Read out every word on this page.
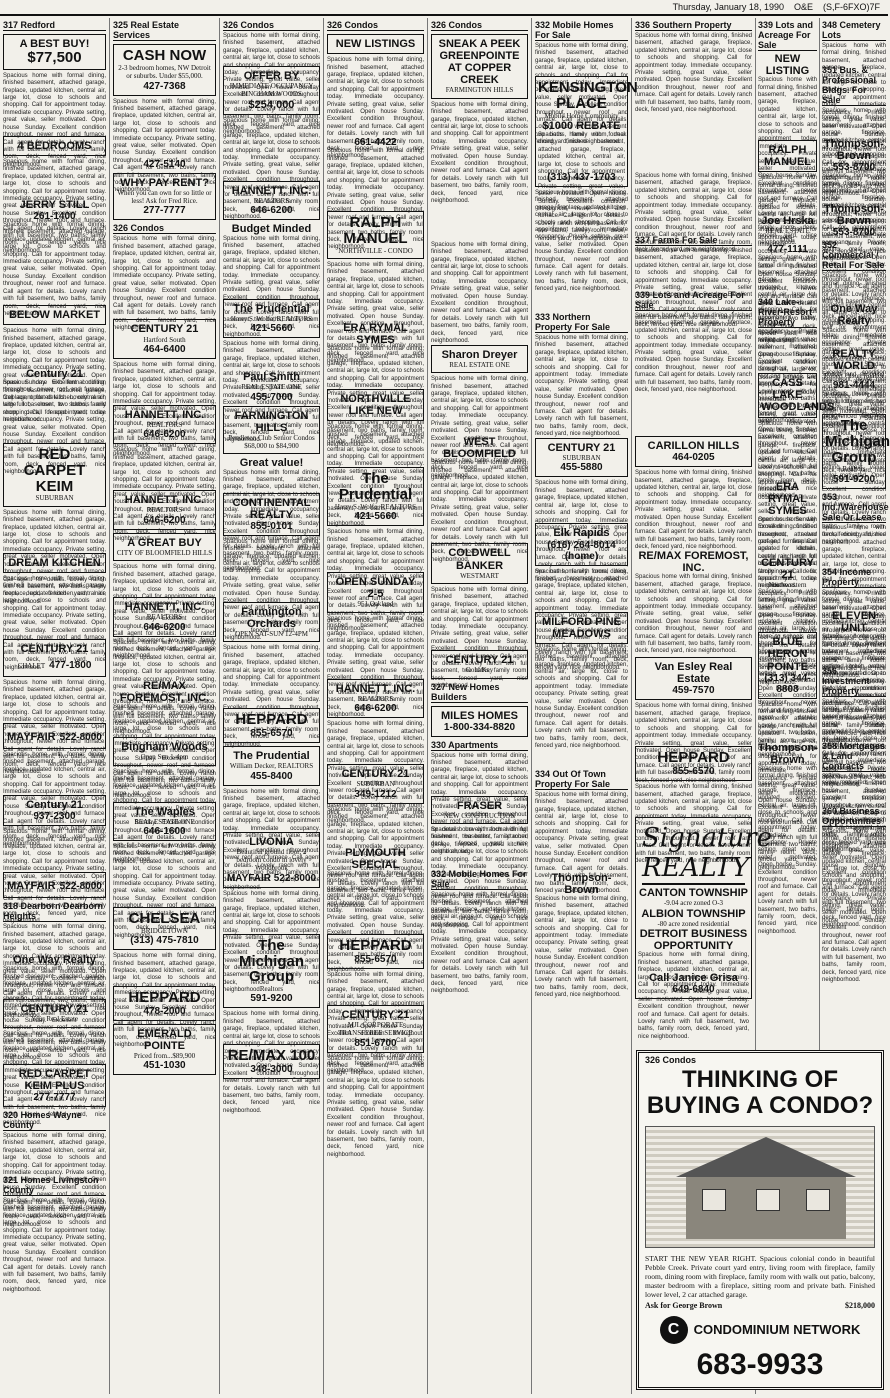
Thursday, January 18, 1990 O&E (S,F-6FXO)7F
317 Redford
A BEST BUY!
$77,500
Spacious home with formal dining, finished basement, attached garage, fireplace, updated kitchen, central air, large lot, close to schools and shopping. Call for appointment today. Immediate occupancy. Private setting, great value, seller motivated. Open house Sunday. Excellent condition throughout, newer roof and furnace. Call agent for details. Lovely ranch with full basement, two baths, family room, deck, fenced yard, nice neighborhood.
4 BEDROOMS
Spacious home with formal dining, finished basement, attached garage, fireplace, updated kitchen, central air, large lot, close to schools and shopping. Call for appointment today. Immediate occupancy. Private setting, great value, seller motivated. Open house Sunday. Excellent condition throughout, newer roof and furnace. Call agent for details. Lovely ranch with full basement, two baths, family room, deck, fenced yard, nice neighborhood.
JERRY STILL
261-1400
Spacious home with formal dining, finished basement, attached garage, fireplace, updated kitchen, central air, large lot, close to schools and shopping. Call for appointment today. Immediate occupancy. Private setting, great value, seller motivated. Open house Sunday. Excellent condition throughout, newer roof and furnace. Call agent for details. Lovely ranch with full basement, two baths, family room, deck, fenced yard, nice neighborhood.
BELOW MARKET
Spacious home with formal dining, finished basement, attached garage, fireplace, updated kitchen, central air, large lot, close to schools and shopping. Call for appointment today. Immediate occupancy. Private setting, great value, seller motivated. Open house Sunday. Excellent condition throughout, newer roof and furnace. Call agent for details. Lovely ranch with full basement, two baths, family room, deck, fenced yard, nice neighborhood.
Century 21
Spacious home with formal dining, finished basement, attached garage, fireplace, updated kitchen, central air, large lot, close to schools and shopping. Call for appointment today. Immediate occupancy. Private setting, great value, seller motivated. Open house Sunday. Excellent condition throughout, newer roof and furnace. Call agent for details. Lovely ranch with full basement, two baths, family room, deck, fenced yard, nice neighborhood.
RED CARPET KEIM
SUBURBAN
Spacious home with formal dining, finished basement, attached garage, fireplace, updated kitchen, central air, large lot, close to schools and shopping. Call for appointment today. Immediate occupancy. Private setting, great value, seller motivated. Open house Sunday. Excellent condition throughout, newer roof and furnace. Call agent for details. Lovely ranch with full basement, two baths, family room, deck, fenced yard, nice neighborhood.
DREAM KITCHEN
Spacious home with formal dining, finished basement, attached garage, fireplace, updated kitchen, central air, large lot, close to schools and shopping. Call for appointment today. Immediate occupancy. Private setting, great value, seller motivated. Open house Sunday. Excellent condition throughout, newer roof and furnace. Call agent for details. Lovely ranch with full basement, two baths, family room, deck, fenced yard, nice neighborhood.
CENTURY 21
CHALET 477-1800
Spacious home with formal dining, finished basement, attached garage, fireplace, updated kitchen, central air, large lot, close to schools and shopping. Call for appointment today. Immediate occupancy. Private setting, great value, seller motivated. Open house Sunday. Excellent condition throughout, newer roof and furnace. Call agent for details. Lovely ranch with full basement, two baths, family room, deck, fenced yard, nice neighborhood.
MAYFAIR 522-8000
Spacious home with formal dining, finished basement, attached garage, fireplace, updated kitchen, central air, large lot, close to schools and shopping. Call for appointment today. Immediate occupancy. Private setting, great value, seller motivated. Open house Sunday. Excellent condition throughout, newer roof and furnace. Call agent for details. Lovely ranch with full basement, two baths, family room, deck, fenced yard, nice neighborhood.
Century 21
937-2300
Spacious home with formal dining, finished basement, attached garage, fireplace, updated kitchen, central air, large lot, close to schools and shopping. Call for appointment today. Immediate occupancy. Private setting, great value, seller motivated. Open house Sunday. Excellent condition throughout, newer roof and furnace. Call agent for details. Lovely ranch with full basement, two baths, family room, deck, fenced yard, nice neighborhood.
MAYFAIR 522-8000
318 Dearborn Dearborn Heights
Spacious home with formal dining, finished basement, attached garage, fireplace, updated kitchen, central air, large lot, close to schools and shopping. Call for appointment today. Immediate occupancy. Private setting, great value, seller motivated. Open house Sunday. Excellent condition throughout, newer roof and furnace. Call agent for details. Lovely ranch with full basement, two baths, family room, deck, fenced yard, nice neighborhood.
One Way Realty
Spacious home with formal dining, finished basement, attached garage, fireplace, updated kitchen, central air, large lot, close to schools and shopping. Call for appointment today. Immediate occupancy. Private setting, great value, seller motivated. Open house Sunday. Excellent condition throughout, newer roof and furnace. Call agent for details. Lovely ranch with full basement, two baths, family room, deck, fenced yard, nice neighborhood.
CENTURY 21
Your Real Estate
Spacious home with formal dining, finished basement, attached garage, fireplace, updated kitchen, central air, large lot, close to schools and shopping. Call for appointment today. Immediate occupancy. Private setting, great value, seller motivated. Open house Sunday. Excellent condition throughout, newer roof and furnace. Call agent for details. Lovely ranch with full basement, two baths, family room, deck, fenced yard, nice neighborhood.
RED CARPET KEIM PLUS
277-7777
320 Homes Wayne County
Spacious home with formal dining, finished basement, attached garage, fireplace, updated kitchen, central air, large lot, close to schools and shopping. Call for appointment today. Immediate occupancy. Private setting, great value, seller motivated. Open house Sunday. Excellent condition throughout, newer roof and furnace. Call agent for details. Lovely ranch with full basement, two baths, family room, deck, fenced yard, nice neighborhood.
321 Homes Livingston County
Spacious home with formal dining, finished basement, attached garage, fireplace, updated kitchen, central air, large lot, close to schools and shopping. Call for appointment today. Immediate occupancy. Private setting, great value, seller motivated. Open house Sunday. Excellent condition throughout, newer roof and furnace. Call agent for details. Lovely ranch with full basement, two baths, family room, deck, fenced yard, nice neighborhood.
325 Real Estate Services
CASH NOW
2-3 bedroom homes, NW Detroit or suburbs. Under $55,000.
427-7368
Spacious home with formal dining, finished basement, attached garage, fireplace, updated kitchen, central air, large lot, close to schools and shopping. Call for appointment today. Immediate occupancy. Private setting, great value, seller motivated. Open house Sunday. Excellent condition throughout, newer roof and furnace. Call agent for details. Lovely ranch with full basement, two baths, family room, deck, fenced yard, nice neighborhood.
427-5140
WHY PAY RENT?
When you can own for so little or less! Ask for Fred Rice.
277-7777
326 Condos
Spacious home with formal dining, finished basement, attached garage, fireplace, updated kitchen, central air, large lot, close to schools and shopping. Call for appointment today. Immediate occupancy. Private setting, great value, seller motivated. Open house Sunday. Excellent condition throughout, newer roof and furnace. Call agent for details. Lovely ranch with full basement, two baths, family room, deck, fenced yard, nice neighborhood.
CENTURY 21
Hartford South
464-6400
Spacious home with formal dining, finished basement, attached garage, fireplace, updated kitchen, central air, large lot, close to schools and shopping. Call for appointment today. Immediate occupancy. Private setting, great value, seller motivated. Open house Sunday. Excellent condition throughout, newer roof and furnace. Call agent for details. Lovely ranch with full basement, two baths, family room, deck, fenced yard, nice neighborhood.
HANNETT, INC.
REALTORS
646-6200
Spacious home with formal dining, finished basement, attached garage, fireplace, updated kitchen, central air, large lot, close to schools and shopping. Call for appointment today. Immediate occupancy. Private setting, great value, seller motivated. Open house Sunday. Excellent condition throughout, newer roof and furnace. Call agent for details. Lovely ranch with full basement, two baths, family room, deck, fenced yard, nice neighborhood.
HANNETT, INC.
REALTORS
646-6200
A GREAT BUY
CITY OF BLOOMFIELD HILLS
Spacious home with formal dining, finished basement, attached garage, fireplace, updated kitchen, central air, large lot, close to schools and shopping. Call for appointment today. Immediate occupancy. Private setting, great value, seller motivated. Open house Sunday. Excellent condition throughout, newer roof and furnace. Call agent for details. Lovely ranch with full basement, two baths, family room, deck, fenced yard, nice neighborhood.
HANNETT, INC.
REALTORS
646-6200
Spacious home with formal dining, finished basement, attached garage, fireplace, updated kitchen, central air, large lot, close to schools and shopping. Call for appointment today. Immediate occupancy. Private setting, great value, seller motivated. Open house Sunday. Excellent condition throughout, newer roof and furnace. Call agent for details. Lovely ranch with full basement, two baths, family room, deck, fenced yard, nice neighborhood.
RE/MAX FOREMOST, INC.
Spacious home with formal dining, finished basement, attached garage, fireplace, updated kitchen, central air, large lot, close to schools and shopping. Call for appointment today. Immediate occupancy. Private setting, great value, seller motivated. Open house Sunday. Excellent condition throughout, newer roof and furnace. Call agent for details. Lovely ranch with full basement, two baths, family room, deck, fenced yard, nice neighborhood.
Bingham Woods
Open Sun 1-4pm
Spacious home with formal dining, finished basement, attached garage, fireplace, updated kitchen, central air, large lot, close to schools and shopping. Call for appointment today. Immediate occupancy. Private setting, great value, seller motivated. Open house Sunday. Excellent condition throughout, newer roof and furnace. Call agent for details. Lovely ranch with full basement, two baths, family room, deck, fenced yard, nice neighborhood.
The Waples
REAL ESTATE ONE
646-1600
Spacious home with formal dining, finished basement, attached garage, fireplace, updated kitchen, central air, large lot, close to schools and shopping. Call for appointment today. Immediate occupancy. Private setting, great value, seller motivated. Open house Sunday. Excellent condition throughout, newer roof and furnace. Call agent for details. Lovely ranch with full basement, two baths, family room, deck, fenced yard, nice neighborhood.
CHELSEA
BRIDGETOWN
(313) 475-7810
Spacious home with formal dining, finished basement, attached garage, fireplace, updated kitchen, central air, large lot, close to schools and shopping. Call for appointment today. Immediate occupancy. Private setting, great value, seller motivated. Open house Sunday. Excellent condition throughout, newer roof and furnace. Call agent for details. Lovely ranch with full basement, two baths, family room, deck, fenced yard, nice neighborhood.
HEPPARD
478-2000
EMERALD POINTE
Priced from...$89,900
451-1030
326 Condos
Spacious home with formal dining, finished basement, attached garage, fireplace, updated kitchen, central air, large lot, close to schools and shopping. Call for appointment today. Immediate occupancy. Private setting, great value, seller motivated. Open house Sunday. Excellent condition throughout, newer roof and furnace. Call agent for details. Lovely ranch with full basement, two baths, family room, deck, fenced yard, nice neighborhood.
OFFER BY
IMMEDIATE OCCUPANCY BINGHAM WOODS
$254,000
Spacious home with formal dining, finished basement, attached garage, fireplace, updated kitchen, central air, large lot, close to schools and shopping. Call for appointment today. Immediate occupancy. Private setting, great value, seller motivated. Open house Sunday. Excellent condition throughout, newer roof and furnace. Call agent for details. Lovely ranch with full basement, two baths, family room, deck, fenced yard, nice neighborhood.
HANNETT, INC.
REALTORS
646-6200
Budget Minded
Spacious home with formal dining, finished basement, attached garage, fireplace, updated kitchen, central air, large lot, close to schools and shopping. Call for appointment today. Immediate occupancy. Private setting, great value, seller motivated. Open house Sunday. Excellent condition throughout, newer roof and furnace. Call agent for details. Lovely ranch with full basement, two baths, family room, deck, fenced yard, nice neighborhood.
The Prudential
Harry S. Wolfe, REALTORS
421-5660
Spacious home with formal dining, finished basement, attached garage, fireplace, updated kitchen, central air, large lot, close to schools and shopping. Call for appointment today. Immediate occupancy. Private setting, great value, seller motivated. Open house Sunday. Excellent condition throughout, newer roof and furnace. Call agent for details. Lovely ranch with full basement, two baths, family room, deck, fenced yard, nice neighborhood.
Paul Smith
REAL ESTATE ONE
455-7000
FARMINGTON HILLS
Pendleton Club Senior Condos
$68,000 to $84,900
Great value!
Spacious home with formal dining, finished basement, attached garage, fireplace, updated kitchen, central air, large lot, close to schools and shopping. Call for appointment today. Immediate occupancy. Private setting, great value, seller motivated. Open house Sunday. Excellent condition throughout, newer roof and furnace. Call agent for details. Lovely ranch with full basement, two baths, family room, deck, fenced yard, nice neighborhood.
CONTINENTAL REALTY
855-0101
Spacious home with formal dining, finished basement, attached garage, fireplace, updated kitchen, central air, large lot, close to schools and shopping. Call for appointment today. Immediate occupancy. Private setting, great value, seller motivated. Open house Sunday. Excellent condition throughout, newer roof and furnace. Call agent for details. Lovely ranch with full basement, two baths, family room, deck, fenced yard, nice neighborhood.
Farmington Orchards
OPEN SAT-SUN 12-4PM
Spacious home with formal dining, finished basement, attached garage, fireplace, updated kitchen, central air, large lot, close to schools and shopping. Call for appointment today. Immediate occupancy. Private setting, great value, seller motivated. Open house Sunday. Excellent condition throughout, newer roof and furnace. Call agent for details. Lovely ranch with full basement, two baths, family room, deck, fenced yard, nice neighborhood.
HEPPARD
855-6570
The Prudential
William Decker, REALTORS
455-8400
Spacious home with formal dining, finished basement, attached garage, fireplace, updated kitchen, central air, large lot, close to schools and shopping. Call for appointment today. Immediate occupancy. Private setting, great value, seller motivated. Open house Sunday. Excellent condition throughout, newer roof and furnace. Call agent for details. Lovely ranch with full basement, two baths, family room, deck, fenced yard, nice neighborhood.
LIVONIA
Beautiful ground floor, 2 bedroom condo in lovely Woodbrook
MAYFAIR 522-8000
Spacious home with formal dining, finished basement, attached garage, fireplace, updated kitchen, central air, large lot, close to schools and shopping. Call for appointment today. Immediate occupancy. Private setting, great value, seller motivated. Open house Sunday. Excellent condition throughout, newer roof and furnace. Call agent for details. Lovely ranch with full basement, two baths, family room, deck, fenced yard, nice neighborhood.
The Michigan Group
Realtors
591-9200
Spacious home with formal dining, finished basement, attached garage, fireplace, updated kitchen, central air, large lot, close to schools and shopping. Call for appointment today. Immediate occupancy. Private setting, great value, seller motivated. Open house Sunday. Excellent condition throughout, newer roof and furnace. Call agent for details. Lovely ranch with full basement, two baths, family room, deck, fenced yard, nice neighborhood.
RE/MAX 100
348-3000
326 Condos
NEW LISTINGS
Spacious home with formal dining, finished basement, attached garage, fireplace, updated kitchen, central air, large lot, close to schools and shopping. Call for appointment today. Immediate occupancy. Private setting, great value, seller motivated. Open house Sunday. Excellent condition throughout, newer roof and furnace. Call agent for details. Lovely ranch with full basement, two baths, family room, deck, fenced yard, nice neighborhood.
661-4422
Spacious home with formal dining, finished basement, attached garage, fireplace, updated kitchen, central air, large lot, close to schools and shopping. Call for appointment today. Immediate occupancy. Private setting, great value, seller motivated. Open house Sunday. Excellent condition throughout, newer roof and furnace. Call agent for details. Lovely ranch with full basement, two baths, family room, deck, fenced yard, nice neighborhood.
RALPH MANUEL
NORTHVILLE - CONDO
Spacious home with formal dining, finished basement, attached garage, fireplace, updated kitchen, central air, large lot, close to schools and shopping. Call for appointment today. Immediate occupancy. Private setting, great value, seller motivated. Open house Sunday. Excellent condition throughout, newer roof and furnace. Call agent for details. Lovely ranch with full basement, two baths, family room, deck, fenced yard, nice neighborhood.
ERA RYMAL SYMES
Spacious home with formal dining, finished basement, attached garage, fireplace, updated kitchen, central air, large lot, close to schools and shopping. Call for appointment today. Immediate occupancy. Private setting, great value, seller motivated. Open house Sunday. Excellent condition throughout, newer roof and furnace. Call agent for details. Lovely ranch with full basement, two baths, family room, deck, fenced yard, nice neighborhood.
NORTHVILLE LIKE NEW
Spacious home with formal dining, finished basement, attached garage, fireplace, updated kitchen, central air, large lot, close to schools and shopping. Call for appointment today. Immediate occupancy. Private setting, great value, seller motivated. Open house Sunday. Excellent condition throughout, newer roof and furnace. Call agent for details. Lovely ranch with full basement, two baths, family room, deck, fenced yard, nice neighborhood.
The Prudential
Harry S. Wolfe, REALTORS
421-5660
Spacious home with formal dining, finished basement, attached garage, fireplace, updated kitchen, central air, large lot, close to schools and shopping. Call for appointment today. Immediate occupancy. Private setting, great value, seller motivated. Open house Sunday. Excellent condition throughout, newer roof and furnace. Call agent for details. Lovely ranch with full basement, two baths, family room, deck, fenced yard, nice neighborhood.
OPEN SUNDAY 2-5
951 Oakland
Spacious home with formal dining, finished basement, attached garage, fireplace, updated kitchen, central air, large lot, close to schools and shopping. Call for appointment today. Immediate occupancy. Private setting, great value, seller motivated. Open house Sunday. Excellent condition throughout, newer roof and furnace. Call agent for details. Lovely ranch with full basement, two baths, family room, deck, fenced yard, nice neighborhood.
HANNETT, INC.
REALTORS
646-6200
Spacious home with formal dining, finished basement, attached garage, fireplace, updated kitchen, central air, large lot, close to schools and shopping. Call for appointment today. Immediate occupancy. Private setting, great value, seller motivated. Open house Sunday. Excellent condition throughout, newer roof and furnace. Call agent for details. Lovely ranch with full basement, two baths, family room, deck, fenced yard, nice neighborhood.
CENTURY 21
SUBURBAN
349-1212
Spacious home with formal dining, finished basement, attached garage, fireplace, updated kitchen, central air, large lot, close to schools and shopping. Call for appointment today. Immediate occupancy. Private setting, great value, seller motivated. Open house Sunday. Excellent condition throughout, newer roof and furnace. Call agent for details. Lovely ranch with full basement, two baths, family room, deck, fenced yard, nice neighborhood.
PLYMOUTH SPECIAL
Spacious home with formal dining, finished basement, attached garage, fireplace, updated kitchen, central air, large lot, close to schools and shopping. Call for appointment today. Immediate occupancy. Private setting, great value, seller motivated. Open house Sunday. Excellent condition throughout, newer roof and furnace. Call agent for details. Lovely ranch with full basement, two baths, family room, deck, fenced yard, nice neighborhood.
HEPPARD
855-6570
Spacious home with formal dining, finished basement, attached garage, fireplace, updated kitchen, central air, large lot, close to schools and shopping. Call for appointment today. Immediate occupancy. Private setting, great value, seller motivated. Open house Sunday. Excellent condition throughout, newer roof and furnace. Call agent for details. Lovely ranch with full basement, two baths, family room, deck, fenced yard, nice neighborhood.
CENTURY 21
MJL CORPORATE TRANSFEREE SERVICE
851-6700
Spacious home with formal dining, finished basement, attached garage, fireplace, updated kitchen, central air, large lot, close to schools and shopping. Call for appointment today. Immediate occupancy. Private setting, great value, seller motivated. Open house Sunday. Excellent condition throughout, newer roof and furnace. Call agent for details. Lovely ranch with full basement, two baths, family room, deck, fenced yard, nice neighborhood.
326 Condos
SNEAK A PEEK GREENPOINTE AT COPPER CREEK
FARMINGTON HILLS
Spacious home with formal dining, finished basement, attached garage, fireplace, updated kitchen, central air, large lot, close to schools and shopping. Call for appointment today. Immediate occupancy. Private setting, great value, seller motivated. Open house Sunday. Excellent condition throughout, newer roof and furnace. Call agent for details. Lovely ranch with full basement, two baths, family room, deck, fenced yard, nice neighborhood.
Spacious home with formal dining, finished basement, attached garage, fireplace, updated kitchen, central air, large lot, close to schools and shopping. Call for appointment today. Immediate occupancy. Private setting, great value, seller motivated. Open house Sunday. Excellent condition throughout, newer roof and furnace. Call agent for details. Lovely ranch with full basement, two baths, family room, deck, fenced yard, nice neighborhood.
Sharon Dreyer
REAL ESTATE ONE
Spacious home with formal dining, finished basement, attached garage, fireplace, updated kitchen, central air, large lot, close to schools and shopping. Call for appointment today. Immediate occupancy. Private setting, great value, seller motivated. Open house Sunday. Excellent condition throughout, newer roof and furnace. Call agent for details. Lovely ranch with full basement, two baths, family room, deck, fenced yard, nice neighborhood.
WEST BLOOMFIELD
Spacious home with formal dining, finished basement, attached garage, fireplace, updated kitchen, central air, large lot, close to schools and shopping. Call for appointment today. Immediate occupancy. Private setting, great value, seller motivated. Open house Sunday. Excellent condition throughout, newer roof and furnace. Call agent for details. Lovely ranch with full basement, two baths, family room, deck, fenced yard, nice neighborhood.
COLDWELL BANKER
WESTMART
Spacious home with formal dining, finished basement, attached garage, fireplace, updated kitchen, central air, large lot, close to schools and shopping. Call for appointment today. Immediate occupancy. Private setting, great value, seller motivated. Open house Sunday. Excellent condition throughout, newer roof and furnace. Call agent for details. Lovely ranch with full basement, two baths, family room, deck, fenced yard, nice neighborhood.
CENTURY 21
Gold Key
327 New Homes Builders
MILES HOMES
1-800-334-8820
330 Apartments
Spacious home with formal dining, finished basement, attached garage, fireplace, updated kitchen, central air, large lot, close to schools and shopping. Call for appointment today. Immediate occupancy. Private setting, great value, seller motivated. Open house Sunday. Excellent condition throughout, newer roof and furnace. Call agent for details. Lovely ranch with full basement, two baths, family room, deck, fenced yard, nice neighborhood.
FRASER
NEW CONSTRUCTION
Spacious home with formal dining, finished basement, attached garage, fireplace, updated kitchen, central air, large lot, close to schools and shopping. Call for appointment today. Immediate occupancy. Private setting, great value, seller motivated. Open house Sunday. Excellent condition throughout, newer roof and furnace. Call agent for details. Lovely ranch with full basement, two baths, family room, deck, fenced yard, nice neighborhood.
332 Mobile Homes For Sale
Spacious home with formal dining, finished basement, attached garage, fireplace, updated kitchen, central air, large lot, close to schools and shopping. Call for appointment today. Immediate occupancy. Private setting, great value, seller motivated. Open house Sunday. Excellent condition throughout, newer roof and furnace. Call agent for details. Lovely ranch with full basement, two baths, family room, deck, fenced yard, nice neighborhood.
332 Mobile Homes For Sale
Spacious home with formal dining, finished basement, attached garage, fireplace, updated kitchen, central air, large lot, close to schools and shopping. Call for appointment today. Immediate occupancy. Private setting, great value, seller motivated. Open house Sunday. Excellent condition throughout, newer roof and furnace. Call agent for details. Lovely ranch with full basement, two baths, family room, deck, fenced yard, nice neighborhood.
KENSINGTON PLACE
Mobile Home Community
$1000 REBATE
Spacious home with formal dining, finished basement, attached garage, fireplace, updated kitchen, central air, large lot, close to schools and shopping. Call for appointment today. Immediate occupancy. Private setting, great value, seller motivated. Open house Sunday. Excellent condition throughout, newer roof and furnace. Call agent for details. Lovely ranch with full basement, two baths, family room, deck, fenced yard, nice neighborhood.
(313) 437-1703
Spacious home with formal dining, finished basement, attached garage, fireplace, updated kitchen, central air, large lot, close to schools and shopping. Call for appointment today. Immediate occupancy. Private setting, great value, seller motivated. Open house Sunday. Excellent condition throughout, newer roof and furnace. Call agent for details. Lovely ranch with full basement, two baths, family room, deck, fenced yard, nice neighborhood.
333 Northern Property For Sale
Spacious home with formal dining, finished basement, attached garage, fireplace, updated kitchen, central air, large lot, close to schools and shopping. Call for appointment today. Immediate occupancy. Private setting, great value, seller motivated. Open house Sunday. Excellent condition throughout, newer roof and furnace. Call agent for details. Lovely ranch with full basement, two baths, family room, deck, fenced yard, nice neighborhood.
CENTURY 21
SUBURBAN
455-5880
Spacious home with formal dining, finished basement, attached garage, fireplace, updated kitchen, central air, large lot, close to schools and shopping. Call for appointment today. Immediate occupancy. Private setting, great value, seller motivated. Open house Sunday. Excellent condition throughout, newer roof and furnace. Call agent for details. Lovely ranch with full basement, two baths, family room, deck, fenced yard, nice neighborhood.
Elk Rapids
(616) 264-8014 (home)
Spacious home with formal dining, finished basement, attached garage, fireplace, updated kitchen, central air, large lot, close to schools and shopping. Call for appointment today. Immediate occupancy. Private setting, great value, seller motivated. Open house Sunday. Excellent condition throughout, newer roof and furnace. Call agent for details. Lovely ranch with full basement, two baths, family room, deck, fenced yard, nice neighborhood.
MILFORD PINE MEADOWS
Spacious home with formal dining, finished basement, attached garage, fireplace, updated kitchen, central air, large lot, close to schools and shopping. Call for appointment today. Immediate occupancy. Private setting, great value, seller motivated. Open house Sunday. Excellent condition throughout, newer roof and furnace. Call agent for details. Lovely ranch with full basement, two baths, family room, deck, fenced yard, nice neighborhood.
334 Out Of Town Property For Sale
Spacious home with formal dining, finished basement, attached garage, fireplace, updated kitchen, central air, large lot, close to schools and shopping. Call for appointment today. Immediate occupancy. Private setting, great value, seller motivated. Open house Sunday. Excellent condition throughout, newer roof and furnace. Call agent for details. Lovely ranch with full basement, two baths, family room, deck, fenced yard, nice neighborhood.
Thompson-Brown
Spacious home with formal dining, finished basement, attached garage, fireplace, updated kitchen, central air, large lot, close to schools and shopping. Call for appointment today. Immediate occupancy. Private setting, great value, seller motivated. Open house Sunday. Excellent condition throughout, newer roof and furnace. Call agent for details. Lovely ranch with full basement, two baths, family room, deck, fenced yard, nice neighborhood.
336 Southern Property
Spacious home with formal dining, finished basement, attached garage, fireplace, updated kitchen, central air, large lot, close to schools and shopping. Call for appointment today. Immediate occupancy. Private setting, great value, seller motivated. Open house Sunday. Excellent condition throughout, newer roof and furnace. Call agent for details. Lovely ranch with full basement, two baths, family room, deck, fenced yard, nice neighborhood.
Spacious home with formal dining, finished basement, attached garage, fireplace, updated kitchen, central air, large lot, close to schools and shopping. Call for appointment today. Immediate occupancy. Private setting, great value, seller motivated. Open house Sunday. Excellent condition throughout, newer roof and furnace. Call agent for details. Lovely ranch with full basement, two baths, family room, deck, fenced yard, nice neighborhood.
337 Farms For Sale
Spacious home with formal dining, finished basement, attached garage, fireplace, updated kitchen, central air, large lot, close to schools and shopping. Call for appointment today. Immediate occupancy. Private setting, great value, seller motivated. Open house Sunday. Excellent condition throughout, newer roof and furnace. Call agent for details. Lovely ranch with full basement, two baths, family room, deck, fenced yard, nice neighborhood.
339 Lots and Acreage For Sale
Spacious home with formal dining, finished basement, attached garage, fireplace, updated kitchen, central air, large lot, close to schools and shopping. Call for appointment today. Immediate occupancy. Private setting, great value, seller motivated. Open house Sunday. Excellent condition throughout, newer roof and furnace. Call agent for details. Lovely ranch with full basement, two baths, family room, deck, fenced yard, nice neighborhood.
CARILLON HILLS
464-0205
Spacious home with formal dining, finished basement, attached garage, fireplace, updated kitchen, central air, large lot, close to schools and shopping. Call for appointment today. Immediate occupancy. Private setting, great value, seller motivated. Open house Sunday. Excellent condition throughout, newer roof and furnace. Call agent for details. Lovely ranch with full basement, two baths, family room, deck, fenced yard, nice neighborhood.
RE/MAX FOREMOST, INC.
Spacious home with formal dining, finished basement, attached garage, fireplace, updated kitchen, central air, large lot, close to schools and shopping. Call for appointment today. Immediate occupancy. Private setting, great value, seller motivated. Open house Sunday. Excellent condition throughout, newer roof and furnace. Call agent for details. Lovely ranch with full basement, two baths, family room, deck, fenced yard, nice neighborhood.
Van Esley Real Estate
459-7570
Spacious home with formal dining, finished basement, attached garage, fireplace, updated kitchen, central air, large lot, close to schools and shopping. Call for appointment today. Immediate occupancy. Private setting, great value, seller motivated. Open house Sunday. Excellent condition throughout, newer roof and furnace. Call agent for details. Lovely ranch with full basement, two baths, family room, deck, fenced yard, nice neighborhood.
HEPPARD
855-6570
Spacious home with formal dining, finished basement, attached garage, fireplace, updated kitchen, central air, large lot, close to schools and shopping. Call for appointment today. Immediate occupancy. Private setting, great value, seller motivated. Open house Sunday. Excellent condition throughout, newer roof and furnace. Call agent for details. Lovely ranch with full basement, two baths, family room, deck, fenced yard, nice neighborhood.
Signature REALTY
CANTON TOWNSHIP
-9.04 acre zoned O-3
ALBION TOWNSHIP
-80 acre zoned residential
DETROIT BUSINESS OPPORTUNITY
Spacious home with formal dining, finished basement, attached garage, fireplace, updated kitchen, central air, large lot, close to schools and shopping. Call for appointment today. Immediate occupancy. Private setting, great value, seller motivated. Open house Sunday. Excellent condition throughout, newer roof and furnace. Call agent for details. Lovely ranch with full basement, two baths, family room, deck, fenced yard, nice neighborhood.
Call Janice Grisa
649-6840
339 Lots and Acreage For Sale
NEW LISTING
Spacious home with formal dining, finished basement, attached garage, fireplace, updated kitchen, central air, large lot, close to schools and shopping. Call for appointment today. Immediate occupancy. Private setting, great value, seller motivated. Open house Sunday. Excellent condition throughout, newer roof and furnace. Call agent for details. Lovely ranch with full basement, two baths, family room, deck, fenced yard, nice neighborhood.
RALPH MANUEL
Spacious home with formal dining, finished basement, attached garage, fireplace, updated kitchen, central air, large lot, close to schools and shopping. Call for appointment today. Immediate occupancy. Private setting, great value, seller motivated. Open house Sunday. Excellent condition throughout, newer roof and furnace. Call agent for details. Lovely ranch with full basement, two baths, family room, deck, fenced yard, nice neighborhood.
Joe Hrska
REAL ESTATE ONE
477-1111
Spacious home with formal dining, finished basement, attached garage, fireplace, updated kitchen, central air, large lot, close to schools and shopping. Call for appointment today. Immediate occupancy. Private setting, great value, seller motivated. Open house Sunday. Excellent condition throughout, newer roof and furnace. Call agent for details. Lovely ranch with full basement, two baths, family room, deck, fenced yard, nice neighborhood.
340 Lake-River-Resort Property
Spacious home with formal dining, finished basement, attached garage, fireplace, updated kitchen, central air, large lot, close to schools and shopping. Call for appointment today. Immediate occupancy. Private setting, great value, seller motivated. Open house Sunday. Excellent condition throughout, newer roof and furnace. Call agent for details. Lovely ranch with full basement, two baths, family room, deck, fenced yard, nice neighborhood.
CASS LAKE WOODLANDS
Spacious home with formal dining, finished basement, attached garage, fireplace, updated kitchen, central air, large lot, close to schools and shopping. Call for appointment today. Immediate occupancy. Private setting, great value, seller motivated. Open house Sunday. Excellent condition throughout, newer roof and furnace. Call agent for details. Lovely ranch with full basement, two baths, family room, deck, fenced yard, nice neighborhood.
ERA RYMAL SYMES
Spacious home with formal dining, finished basement, attached garage, fireplace, updated kitchen, central air, large lot, close to schools and shopping. Call for appointment today. Immediate occupancy. Private setting, great value, seller motivated. Open house Sunday. Excellent condition throughout, newer roof and furnace. Call agent for details. Lovely ranch with full basement, two baths, family room, deck, fenced yard, nice neighborhood.
CENTURY 21
Northwestern
Spacious home with formal dining, finished basement, attached garage, fireplace, updated kitchen, central air, large lot, close to schools and shopping. Call for appointment today. Immediate occupancy. Private setting, great value, seller motivated. Open house Sunday. Excellent condition throughout, newer roof and furnace. Call agent for details. Lovely ranch with full basement, two baths, family room, deck, fenced yard, nice neighborhood.
BLUE HERON POINTE
(313) 344-8808
Spacious home with formal dining, finished basement, attached garage, fireplace, updated kitchen, central air, large lot, close to schools and shopping. Call for appointment today. Immediate occupancy. Private setting, great value, seller motivated. Open house Sunday. Excellent condition throughout, newer roof and furnace. Call agent for details. Lovely ranch with full basement, two baths, family room, deck, fenced yard, nice neighborhood.
Thompson-Brown
Spacious home with formal dining, finished basement, attached garage, fireplace, updated kitchen, central air, large lot, close to schools and shopping. Call for appointment today. Immediate occupancy. Private setting, great value, seller motivated. Open house Sunday. Excellent condition throughout, newer roof and furnace. Call agent for details. Lovely ranch with full basement, two baths, family room, deck, fenced yard, nice neighborhood.
348 Cemetery Lots
Spacious home with formal dining, finished basement, attached garage, fireplace, updated kitchen, central air, large lot, close to schools and shopping. Call for appointment today. Immediate occupancy. Private setting, great value, seller motivated. Open house Sunday. Excellent condition throughout, newer roof and furnace. Call agent for details. Lovely ranch with full basement, two baths, family room, deck, fenced yard, nice neighborhood.
351 Bus. & Professional Bldgs. For Sale
Spacious home with formal dining, finished basement, attached garage, fireplace, updated kitchen, central air, large lot, close to schools and shopping. Call for appointment today. Immediate occupancy. Private setting, great value, seller motivated. Open house Sunday. Excellent condition throughout, newer roof and furnace. Call agent for details. Lovely ranch with full basement, two baths, family room, deck, fenced yard, nice neighborhood.
Thompson-Brown
553-8700
Spacious home with formal dining, finished basement, attached garage, fireplace, updated kitchen, central air, large lot, close to schools and shopping. Call for appointment today. Immediate occupancy. Private setting, great value, seller motivated. Open house Sunday. Excellent condition throughout, newer roof and furnace. Call agent for details. Lovely ranch with full basement, two baths, family room, deck, fenced yard, nice neighborhood.
Thompson-Brown
553-8700
352 Commercial / Retail For Sale
Spacious home with formal dining, finished basement, attached garage, fireplace, updated kitchen, central air, large lot, close to schools and shopping. Call for appointment today. Immediate occupancy. Private setting, great value, seller motivated. Open house Sunday. Excellent condition throughout, newer roof and furnace. Call agent for details. Lovely ranch with full basement, two baths, family room, deck, fenced yard, nice neighborhood.
One Way Realty
Spacious home with formal dining, finished basement, attached garage, fireplace, updated kitchen, central air, large lot, close to schools and shopping. Call for appointment today. Immediate occupancy. Private setting, great value, seller motivated. Open house Sunday. Excellent condition throughout, newer roof and furnace. Call agent for details. Lovely ranch with full basement, two baths, family room, deck, fenced yard, nice neighborhood.
REALTY WORLD
Robert Olson Realtor
981-4444
Spacious home with formal dining, finished basement, attached garage, fireplace, updated kitchen, central air, large lot, close to schools and shopping. Call for appointment today. Immediate occupancy. Private setting, great value, seller motivated. Open house Sunday. Excellent condition throughout, newer roof and furnace. Call agent for details. Lovely ranch with full basement, two baths, family room, deck, fenced yard, nice neighborhood.
The Michigan Group
Realtors
591-9200
353 Ind./Warehouse Sale Or Lease
Spacious home with formal dining, finished basement, attached garage, fireplace, updated kitchen, central air, large lot, close to schools and shopping. Call for appointment today. Immediate occupancy. Private setting, great value, seller motivated. Open house Sunday. Excellent condition throughout, newer roof and furnace. Call agent for details. Lovely ranch with full basement, two baths, family room, deck, fenced yard, nice neighborhood.
354 Income Property
Spacious home with formal dining, finished basement, attached garage, fireplace, updated kitchen, central air, large lot, close to schools and shopping. Call for appointment today. Immediate occupancy. Private setting, great value, seller motivated. Open house Sunday. Excellent condition throughout, newer roof and furnace. Call agent for details. Lovely ranch with full basement, two baths, family room, deck, fenced yard, nice neighborhood.
ELEVEN UNIT
Spacious home with formal dining, finished basement, attached garage, fireplace, updated kitchen, central air, large lot, close to schools and shopping. Call for appointment today. Immediate occupancy. Private setting, great value, seller motivated. Open house Sunday. Excellent condition throughout, newer roof and furnace. Call agent for details. Lovely ranch with full basement, two baths, family room, deck, fenced yard, nice neighborhood.
356 Investment Property
Spacious home with formal dining, finished basement, attached garage, fireplace, updated kitchen, central air, large lot, close to schools and shopping. Call for appointment today. Immediate occupancy. Private setting, great value, seller motivated. Open house Sunday. Excellent condition throughout, newer roof and furnace. Call agent for details. Lovely ranch with full basement, two baths, family room, deck, fenced yard, nice neighborhood.
358 Mortgages & Land Contracts
Spacious home with formal dining, finished basement, attached garage, fireplace, updated kitchen, central air, large lot, close to schools and shopping. Call for appointment today. Immediate occupancy. Private setting, great value, seller motivated. Open house Sunday. Excellent condition throughout, newer roof and furnace. Call agent for details. Lovely ranch with full basement, two baths, family room, deck, fenced yard, nice neighborhood.
360 Business Opportunities
Spacious home with formal dining, finished basement, attached garage, fireplace, updated kitchen, central air, large lot, close to schools and shopping. Call for appointment today. Immediate occupancy. Private setting, great value, seller motivated. Open house Sunday. Excellent condition throughout, newer roof and furnace. Call agent for details. Lovely ranch with full basement, two baths, family room, deck, fenced yard, nice neighborhood.
326 Condos
THINKING OF BUYING A CONDO?
START THE NEW YEAR RIGHT. Spacious colonial condo in beautiful Pebble Creek. Private court yard entry, living room with fireplace, family room, dining room with fireplace, family room with walk out patio, balcony, master bedroom with a fireplace, sitting room and private bath. Finished lower level, 2 car attached garage.
Ask for George Brown	$218,000
C	CONDOMINIUM NETWORK
683-9933
